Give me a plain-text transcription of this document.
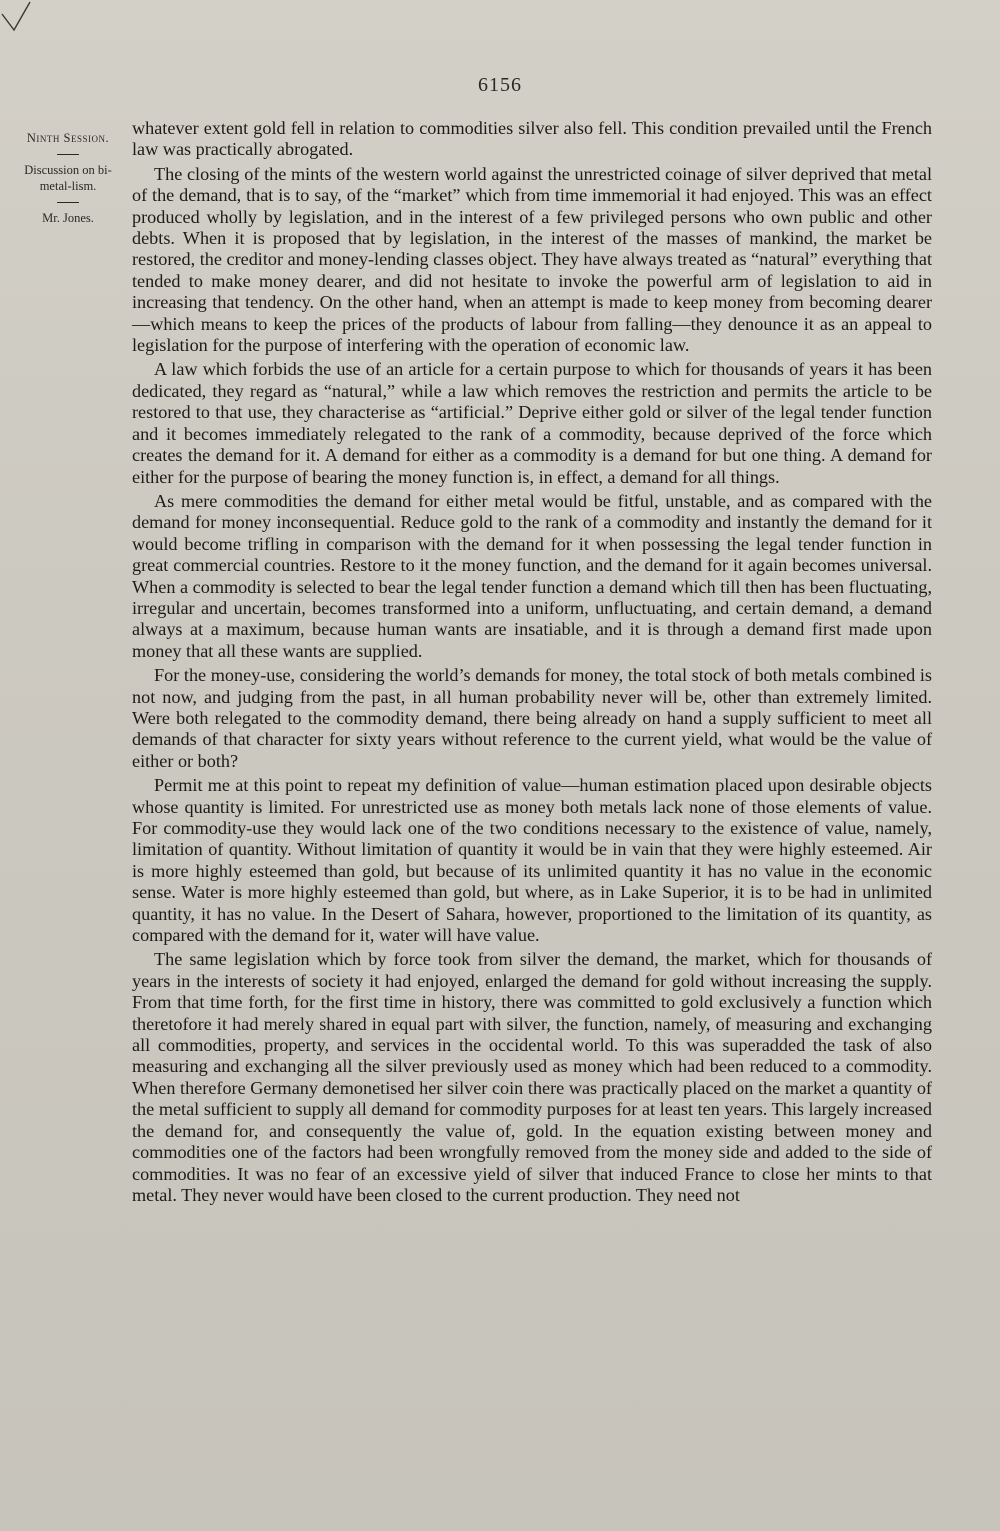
6156
Ninth Session.
Discussion on bi-metal-lism.
Mr. Jones.

whatever extent gold fell in relation to commodities silver also fell. This condition prevailed until the French law was practically abrogated.

The closing of the mints of the western world against the unrestricted coinage of silver deprived that metal of the demand, that is to say, of the “market” which from time immemorial it had enjoyed. This was an effect produced wholly by legislation, and in the interest of a few privileged persons who own public and other debts. When it is proposed that by legislation, in the interest of the masses of mankind, the market be restored, the creditor and money-lending classes object. They have always treated as “natural” everything that tended to make money dearer, and did not hesitate to invoke the powerful arm of legislation to aid in increasing that tendency. On the other hand, when an attempt is made to keep money from becoming dearer —which means to keep the prices of the products of labour from falling—they denounce it as an appeal to legislation for the purpose of interfering with the operation of economic law.

A law which forbids the use of an article for a certain purpose to which for thousands of years it has been dedicated, they regard as “natural,” while a law which removes the restriction and permits the article to be restored to that use, they characterise as “artificial.” Deprive either gold or silver of the legal tender function and it becomes immediately relegated to the rank of a commodity, because deprived of the force which creates the demand for it. A demand for either as a commodity is a demand for but one thing. A demand for either for the purpose of bearing the money function is, in effect, a demand for all things.

As mere commodities the demand for either metal would be fitful, unstable, and as compared with the demand for money inconsequential. Reduce gold to the rank of a commodity and instantly the demand for it would become trifling in comparison with the demand for it when possessing the legal tender function in great commercial countries. Restore to it the money function, and the demand for it again becomes universal. When a commodity is selected to bear the legal tender function a demand which till then has been fluctuating, irregular and uncertain, becomes transformed into a uniform, unfluctuating, and certain demand, a demand always at a maximum, because human wants are insatiable, and it is through a demand first made upon money that all these wants are supplied.

For the money-use, considering the world’s demands for money, the total stock of both metals combined is not now, and judging from the past, in all human probability never will be, other than extremely limited. Were both relegated to the commodity demand, there being already on hand a supply sufficient to meet all demands of that character for sixty years without reference to the current yield, what would be the value of either or both?

Permit me at this point to repeat my definition of value—human estimation placed upon desirable objects whose quantity is limited. For unrestricted use as money both metals lack none of those elements of value. For commodity-use they would lack one of the two conditions necessary to the existence of value, namely, limitation of quantity. Without limitation of quantity it would be in vain that they were highly esteemed. Air is more highly esteemed than gold, but because of its unlimited quantity it has no value in the economic sense. Water is more highly esteemed than gold, but where, as in Lake Superior, it is to be had in unlimited quantity, it has no value. In the Desert of Sahara, however, proportioned to the limitation of its quantity, as compared with the demand for it, water will have value.

The same legislation which by force took from silver the demand, the market, which for thousands of years in the interests of society it had enjoyed, enlarged the demand for gold without increasing the supply. From that time forth, for the first time in history, there was committed to gold exclusively a function which theretofore it had merely shared in equal part with silver, the function, namely, of measuring and exchanging all commodities, property, and services in the occidental world. To this was superadded the task of also measuring and exchanging all the silver previously used as money which had been reduced to a commodity. When therefore Germany demonetised her silver coin there was practically placed on the market a quantity of the metal sufficient to supply all demand for commodity purposes for at least ten years. This largely increased the demand for, and consequently the value of, gold. In the equation existing between money and commodities one of the factors had been wrongfully removed from the money side and added to the side of commodities. It was no fear of an excessive yield of silver that induced France to close her mints to that metal. They never would have been closed to the current production. They need not
